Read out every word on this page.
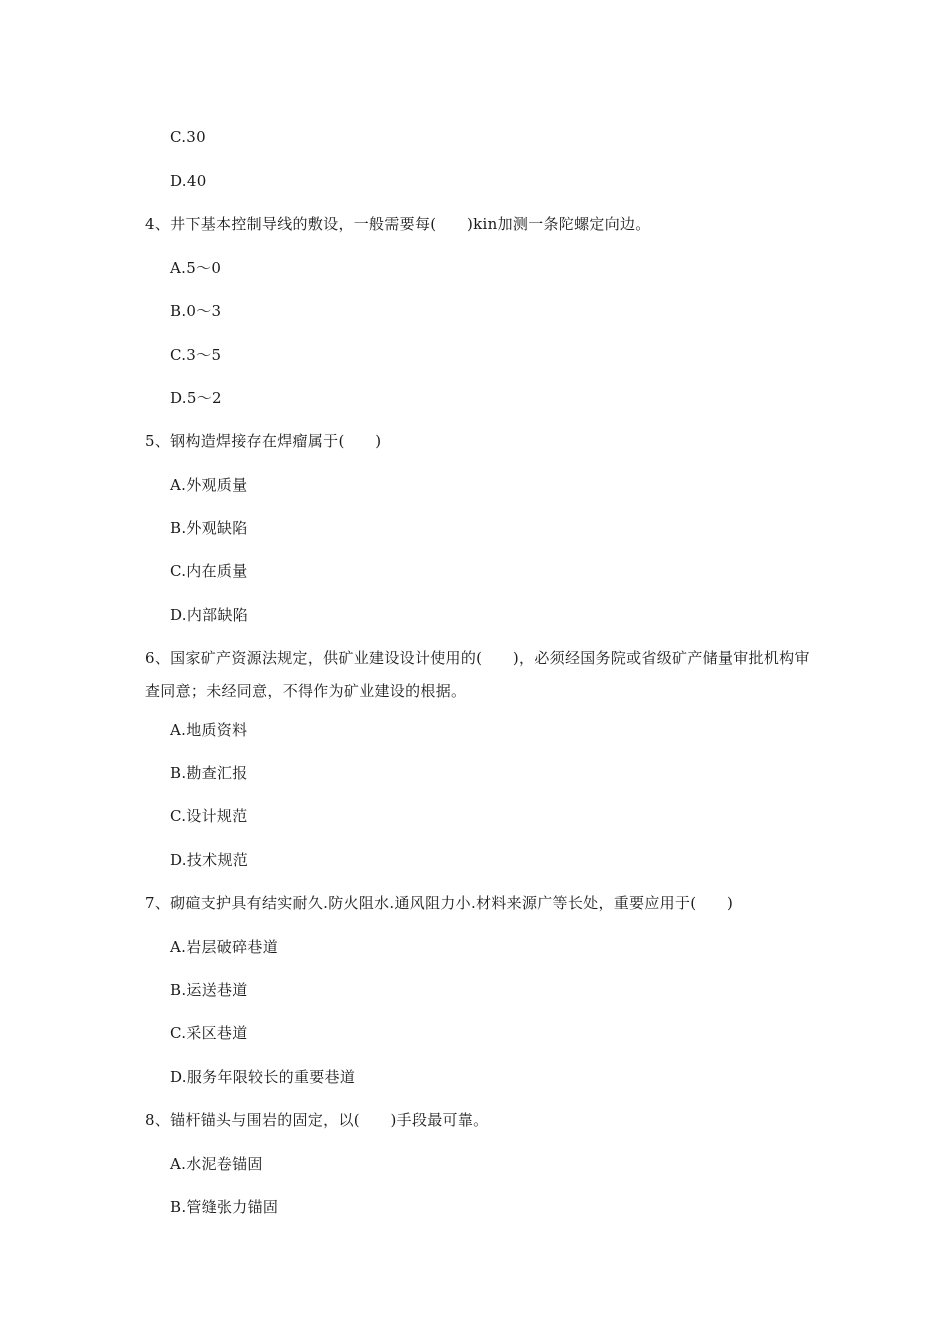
C.30
D.40
4、井下基本控制导线的敷设，一般需要每(　　)kin加测一条陀螺定向边。
A.5～0
B.0～3
C.3～5
D.5～2
5、钢构造焊接存在焊瘤属于(　　)
A.外观质量
B.外观缺陷
C.内在质量
D.内部缺陷
6、国家矿产资源法规定，供矿业建设设计使用的(　　)，必须经国务院或省级矿产储量审批机构审查同意；未经同意，不得作为矿业建设的根据。
A.地质资料
B.勘查汇报
C.设计规范
D.技术规范
7、砌碹支护具有结实耐久.防火阻水.通风阻力小.材料来源广等长处，重要应用于(　　)
A.岩层破碎巷道
B.运送巷道
C.采区巷道
D.服务年限较长的重要巷道
8、锚杆锚头与围岩的固定，以(　　)手段最可靠。
A.水泥卷锚固
B.管缝张力锚固
